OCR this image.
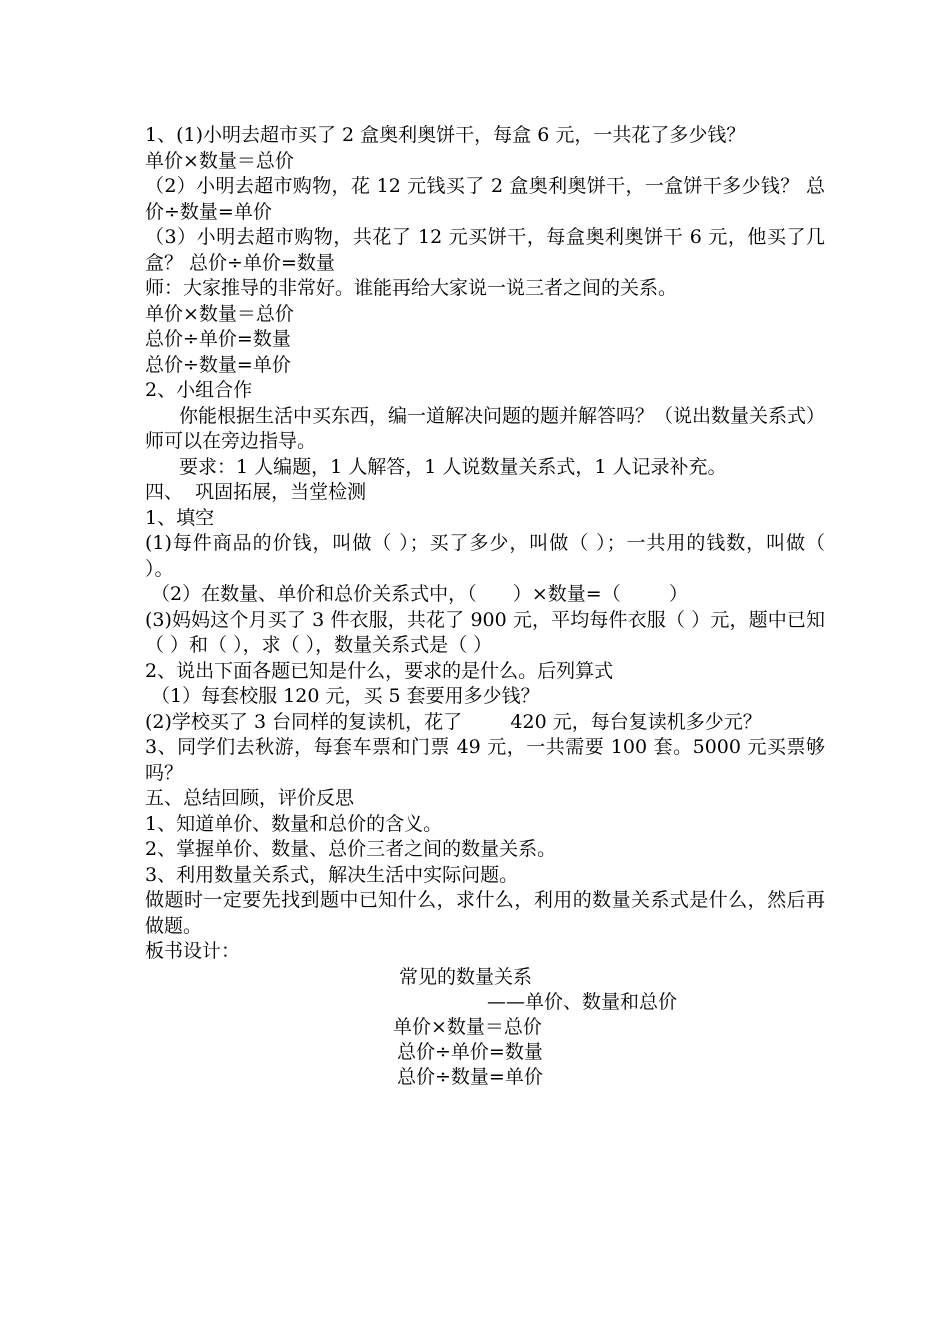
1、(1)小明去超市买了 2 盒奥利奥饼干，每盒 6 元，一共花了多少钱？
单价×数量＝总价
（2）小明去超市购物，花 12 元钱买了 2 盒奥利奥饼干，一盒饼干多少钱？ 总价÷数量=单价
（3）小明去超市购物，共花了 12 元买饼干，每盒奥利奥饼干 6 元，他买了几盒？ 总价÷单价=数量
师：大家推导的非常好。谁能再给大家说一说三者之间的关系。
单价×数量＝总价
总价÷单价=数量
总价÷数量=单价
2、小组合作
你能根据生活中买东西，编一道解决问题的题并解答吗？（说出数量关系式）师可以在旁边指导。
要求：1 人编题，1 人解答，1 人说数量关系式，1 人记录补充。
四、  巩固拓展，当堂检测
1、填空
(1)每件商品的价钱，叫做（ ）；买了多少，叫做（ ）；一共用的钱数，叫做（ ）。
（2）在数量、单价和总价关系式中，（      ）×数量=（        ）
(3)妈妈这个月买了 3 件衣服，共花了 900 元，平均每件衣服（ ）元，题中已知（ ）和（ ），求（ ），数量关系式是（ ）
2、说出下面各题已知是什么，要求的是什么。后列算式
（1）每套校服 120 元，买 5 套要用多少钱？
(2)学校买了 3 台同样的复读机，花了        420 元，每台复读机多少元？
3、同学们去秋游，每套车票和门票 49 元，一共需要 100 套。5000 元买票够吗？
五、总结回顾，评价反思
1、知道单价、数量和总价的含义。
2、掌握单价、数量、总价三者之间的数量关系。
3、利用数量关系式，解决生活中实际问题。
做题时一定要先找到题中已知什么，求什么，利用的数量关系式是什么，然后再做题。
板书设计：
常见的数量关系
——单价、数量和总价
单价×数量＝总价
总价÷单价=数量
总价÷数量=单价
